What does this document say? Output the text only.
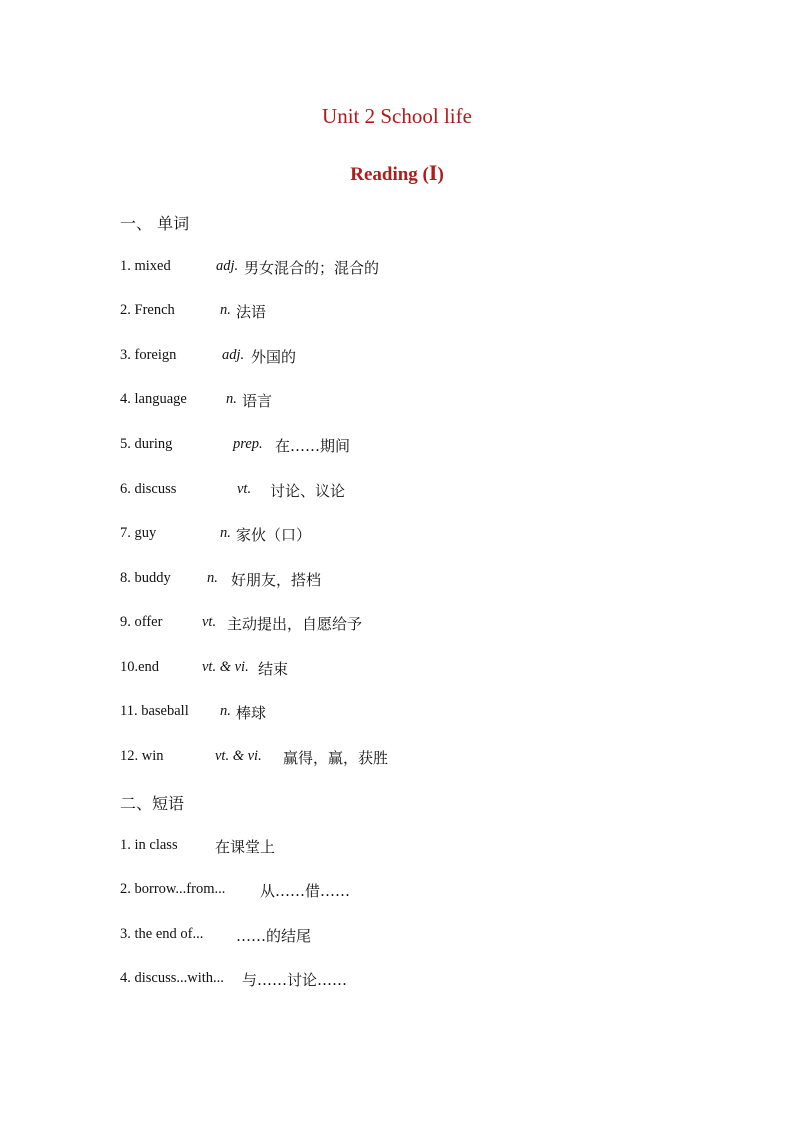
Unit 2 School life
Reading (I)
一、 单词
1. mixed	adj. 男女混合的；混合的
2. French	n. 法语
3. foreign	adj. 外国的
4. language	n. 语言
5. during	prep. 在……期间
6. discuss	vt. 讨论、议论
7. guy	n. 家伙（口）
8. buddy	n. 好朋友，搭档
9. offer	vt. 主动提出，自愿给予
10.end	vt. & vi. 结束
11. baseball n. 棒球
12. win	vt. & vi. 赢得，赢，获胜
二、短语
1. in class 在课堂上
2. borrow...from... 从……借……
3. the end of... ……的结尾
4. discuss...with... 与……讨论……
